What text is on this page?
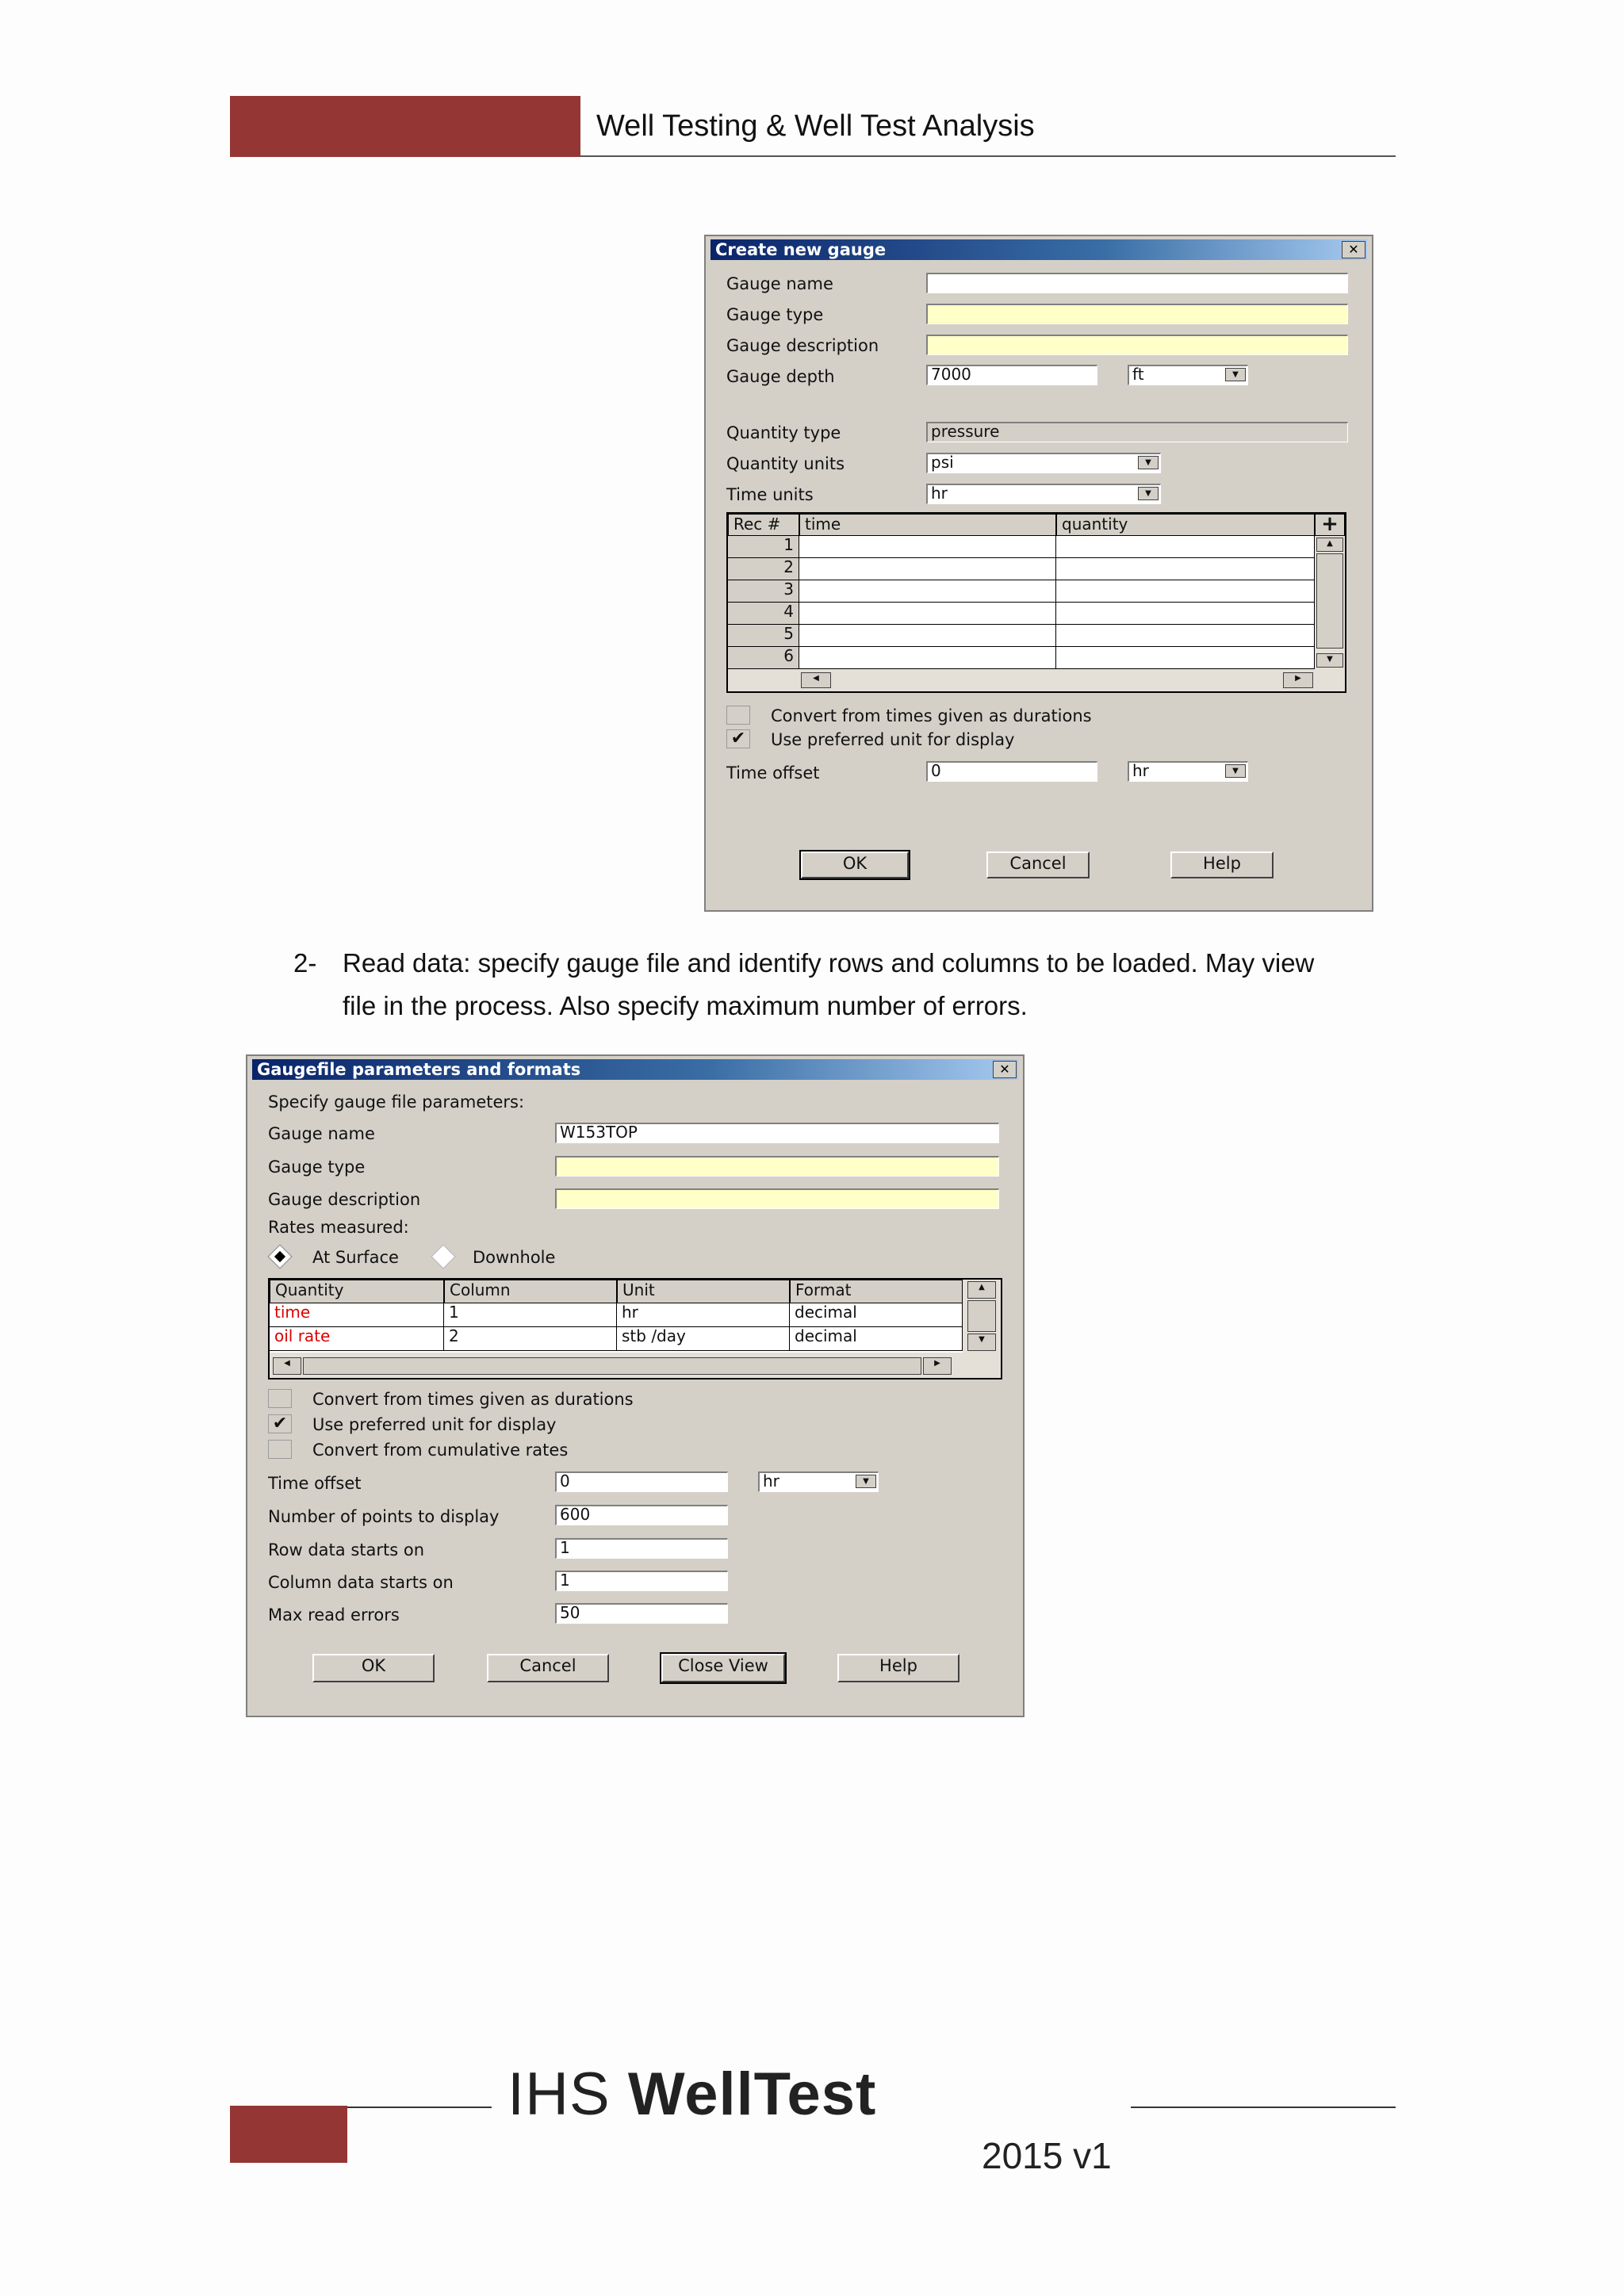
Well Testing & Well Test Analysis
Create new gauge	✕
Gauge name
Gauge type
Gauge description
Gauge depth	7000	ft	▼
Quantity type	pressure
Quantity units	psi	▼
Time units	hr	▼
Rec #	time	quantity	+
1
2
3
4
5
6
▲
▼
◀	▶
Convert from times given as durations
✔ Use preferred unit for display
Time offset	0	hr	▼
OK	Cancel	Help
2- Read data: specify gauge file and identify rows and columns to be loaded. May view
file in the process. Also specify maximum number of errors.
Gaugefile parameters and formats	✕
Specify gauge file parameters:
Gauge name	W153TOP
Gauge type
Gauge description
Rates measured:
At Surface	Downhole
Quantity	Column	Unit	Format
time	1	hr	decimal
oil rate	2	stb /day	decimal
▲
▼
◀	▶
Convert from times given as durations
✔ Use preferred unit for display
Convert from cumulative rates
Time offset	0	hr	▼
Number of points to display	600
Row data starts on	1
Column data starts on	1
Max read errors	50
OK	Cancel	Close View	Help
IHS WellTest
2015 v1
